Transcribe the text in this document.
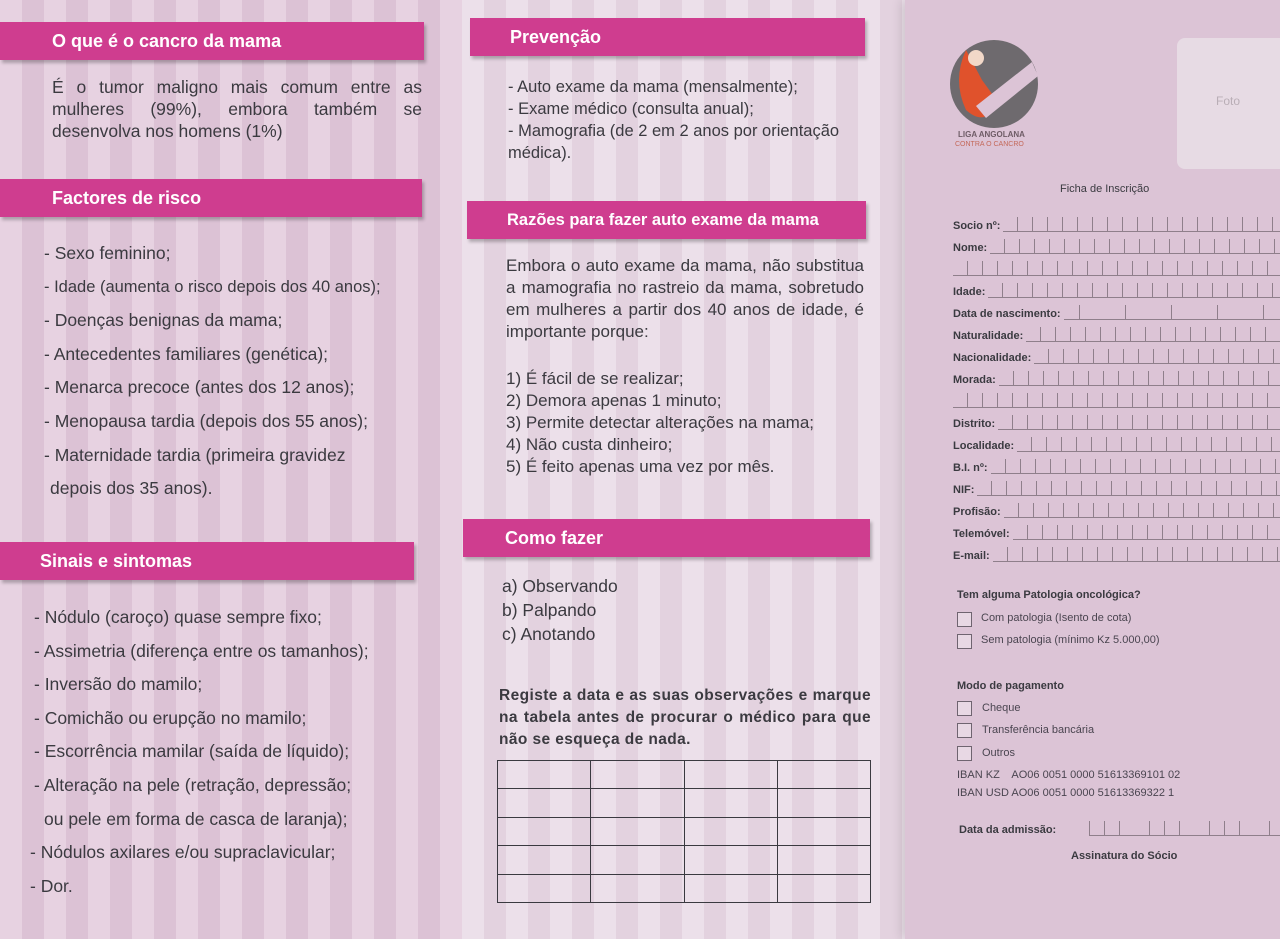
O que é o cancro da mama
É o tumor maligno mais comum entre as mulheres (99%), embora também se desenvolva nos homens (1%)
Factores de risco
- Sexo feminino;
- Idade (aumenta o risco depois dos 40 anos);
- Doenças benignas da mama;
- Antecedentes familiares (genética);
- Menarca precoce (antes dos 12 anos);
- Menopausa tardia (depois dos 55 anos);
- Maternidade tardia (primeira gravidez
depois dos 35 anos).
Sinais e sintomas
- Nódulo (caroço) quase sempre fixo;
- Assimetria (diferença entre os tamanhos);
- Inversão do mamilo;
- Comichão ou erupção no mamilo;
- Escorrência mamilar (saída de líquido);
- Alteração na pele (retração, depressão;
ou pele em forma de casca de laranja);
- Nódulos axilares e/ou supraclavicular;
- Dor.
Prevenção
- Auto exame da mama (mensalmente);
- Exame médico (consulta anual);
- Mamografia (de 2 em 2 anos por orientação médica).
Razões para fazer auto exame da mama
Embora o auto exame da mama, não substitua a mamografia no rastreio da mama, sobretudo em mulheres a partir dos 40 anos de idade, é importante porque:
1) É fácil de se realizar;
2) Demora apenas 1 minuto;
3) Permite detectar alterações na mama;
4) Não custa dinheiro;
5) É feito apenas uma vez por mês.
Como fazer
a) Observando
b) Palpando
c) Anotando
Registe a data e as suas observações e marque na tabela antes de procurar o médico para que não se esqueça de nada.

LIGA ANGOLANA
CONTRA O CANCRO
Foto
Ficha de Inscrição
Socio nº:
Nome:
Idade:
Data de nascimento:
Naturalidade:
Nacionalidade:
Morada:
Distrito:
Localidade:
B.I. nº:
NIF:
Profisão:
Telemóvel:
E-mail:
Tem alguma Patologia oncológica?
Com patologia (Isento de cota)
Sem patologia (mínimo Kz 5.000,00)
Modo de pagamento
Cheque
Transferência bancária
Outros
IBAN KZ    AO06 0051 0000 51613369101 02
IBAN USD AO06 0051 0000 51613369322 1
Data da admissão:
Assinatura do Sócio
